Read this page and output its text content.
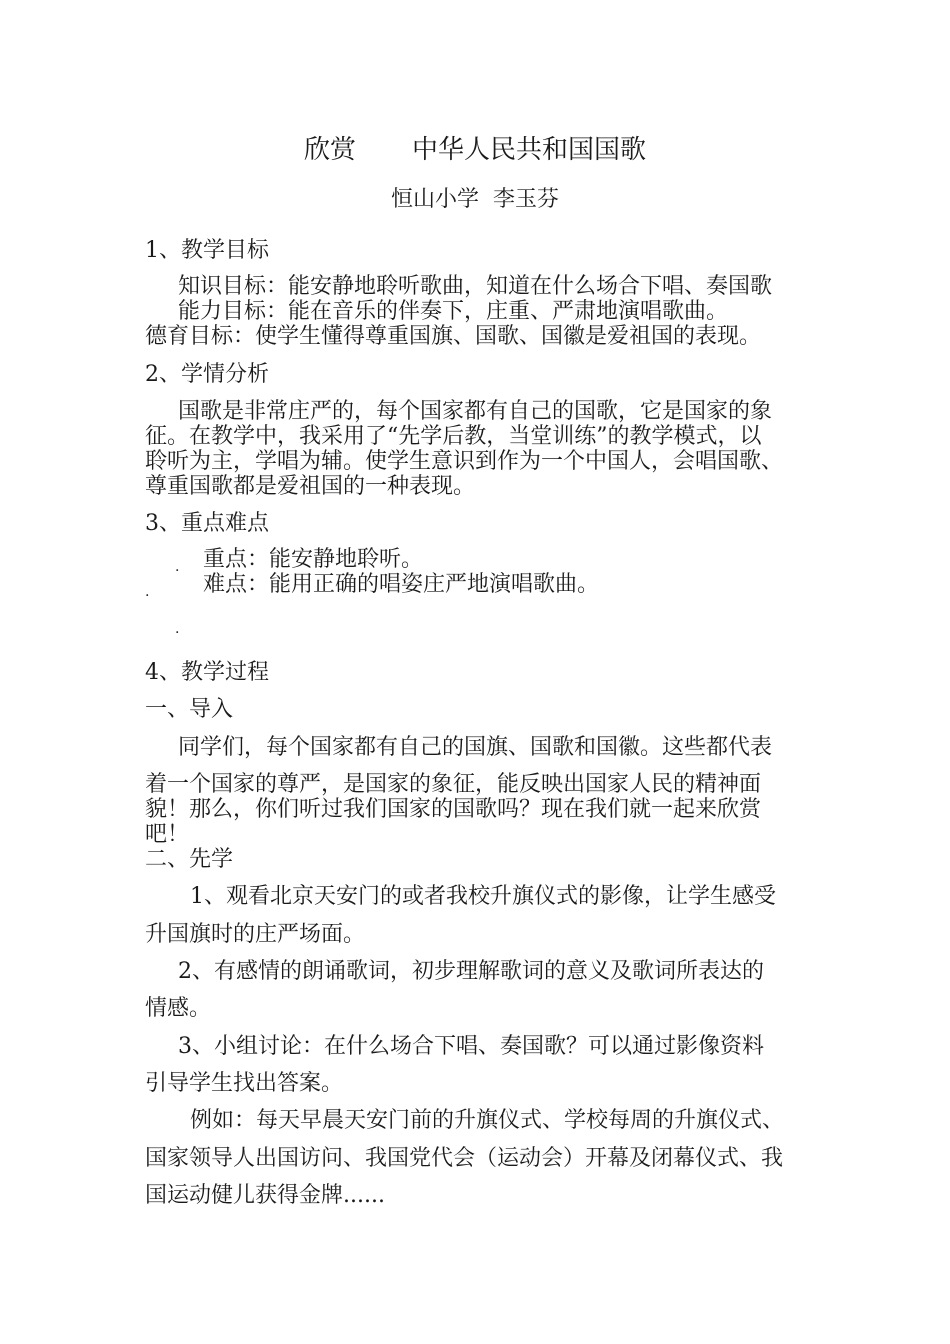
欣赏 中华人民共和国国歌
恒山小学 李玉芬
1、教学目标
知识目标：能安静地聆听歌曲，知道在什么场合下唱、奏国歌
能力目标：能在音乐的伴奏下，庄重、严肃地演唱歌曲。
德育目标：使学生懂得尊重国旗、国歌、国徽是爱祖国的表现。
2、学情分析
国歌是非常庄严的，每个国家都有自己的国歌，它是国家的象
征。在教学中，我采用了“先学后教，当堂训练”的教学模式，以
聆听为主，学唱为辅。使学生意识到作为一个中国人，会唱国歌、
尊重国歌都是爱祖国的一种表现。
3、重点难点
. 重点：能安静地聆听。
. 难点：能用正确的唱姿庄严地演唱歌曲。
.
4、教学过程
一、导入
同学们，每个国家都有自己的国旗、国歌和国徽。这些都代表
着一个国家的尊严，是国家的象征，能反映出国家人民的精神面
貌！那么，你们听过我们国家的国歌吗？现在我们就一起来欣赏
吧！
二、先学
1、观看北京天安门的或者我校升旗仪式的影像，让学生感受
升国旗时的庄严场面。
2、有感情的朗诵歌词，初步理解歌词的意义及歌词所表达的
情感。
3、小组讨论：在什么场合下唱、奏国歌？可以通过影像资料
引导学生找出答案。
例如：每天早晨天安门前的升旗仪式、学校每周的升旗仪式、
国家领导人出国访问、我国党代会（运动会）开幕及闭幕仪式、我
国运动健儿获得金牌......
